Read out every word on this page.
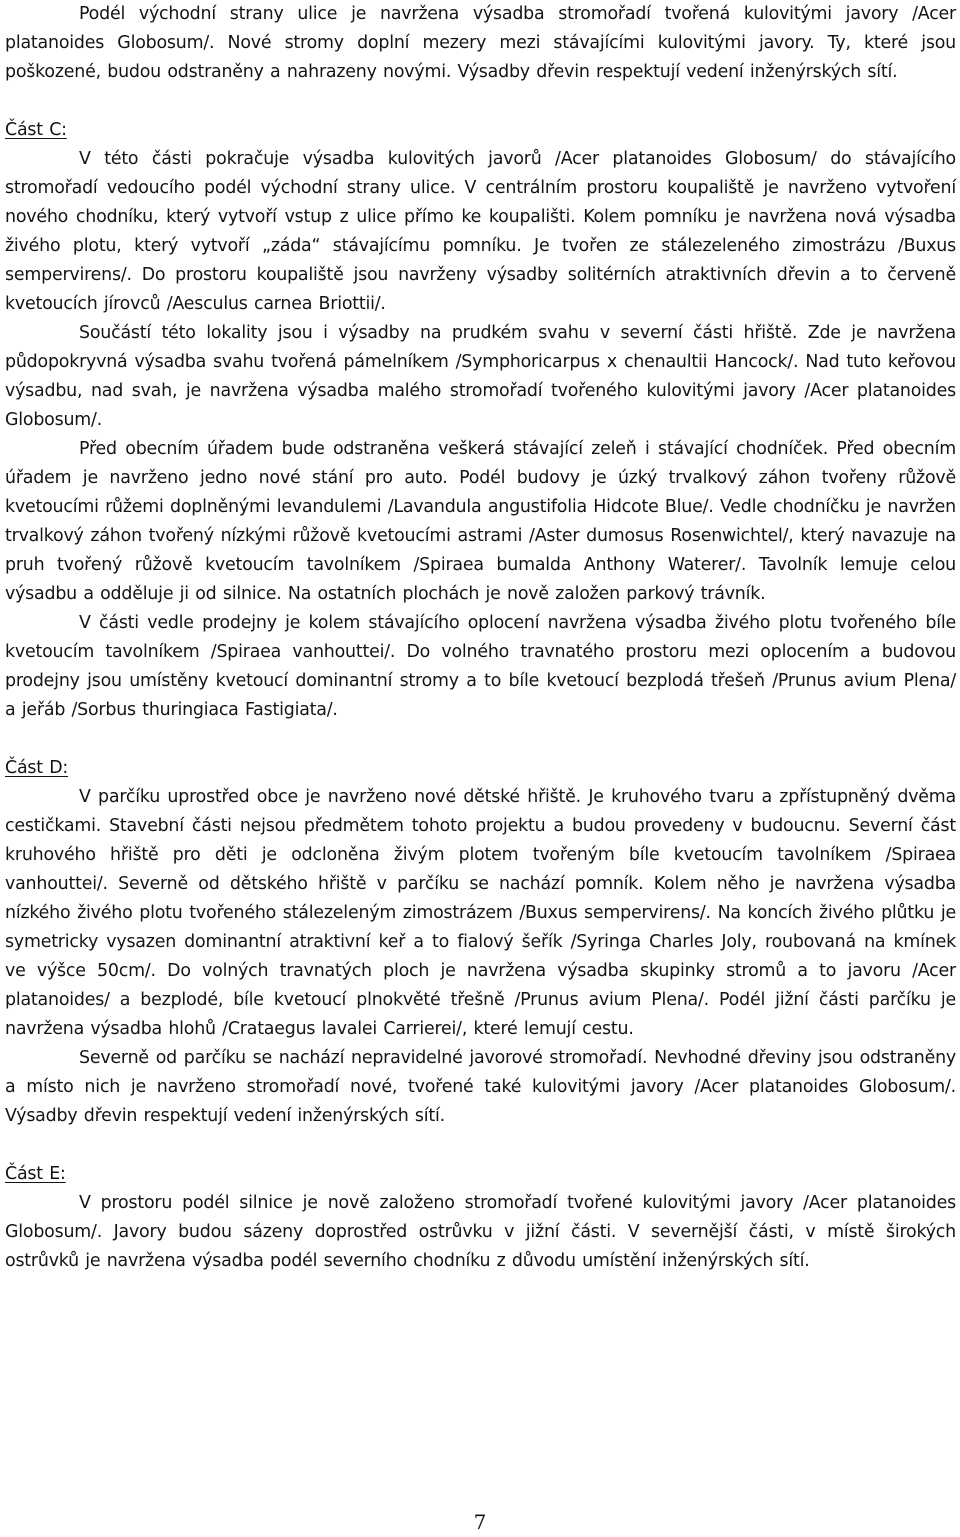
Podél východní strany ulice je navržena výsadba stromořadí tvořená kulovitými javory /Acer platanoides Globosum/. Nové stromy doplní mezery mezi stávajícími kulovitými javory. Ty, které jsou poškozené, budou odstraněny a nahrazeny novými. Výsadby dřevin respektují vedení inženýrských sítí.

Část C:

V této části pokračuje výsadba kulovitých javorů /Acer platanoides Globosum/ do stávajícího stromořadí vedoucího podél východní strany ulice. V centrálním prostoru koupaliště je navrženo vytvoření nového chodníku, který vytvoří vstup z ulice přímo ke koupališti. Kolem pomníku je navržena nová výsadba živého plotu, který vytvoří „záda“ stávajícímu pomníku. Je tvořen ze stálezeleného zimostrázu /Buxus sempervirens/. Do prostoru koupaliště jsou navrženy výsadby solitérních atraktivních dřevin a to červeně kvetoucích jírovců /Aesculus carnea Briottii/.

Součástí této lokality jsou i výsadby na prudkém svahu v severní části hřiště. Zde je navržena půdopokryvná výsadba svahu tvořená pámelníkem /Symphoricarpus x chenaultii Hancock/. Nad tuto keřovou výsadbu, nad svah, je navržena výsadba malého stromořadí tvořeného kulovitými javory /Acer platanoides Globosum/.

Před obecním úřadem bude odstraněna veškerá stávající zeleň i stávající chodníček. Před obecním úřadem je navrženo jedno nové stání pro auto. Podél budovy je úzký trvalkový záhon tvořeny růžově kvetoucími růžemi doplněnými levandulemi /Lavandula angustifolia Hidcote Blue/. Vedle chodníčku je navržen trvalkový záhon tvořený nízkými růžově kvetoucími astrami /Aster dumosus Rosenwichtel/, který navazuje na pruh tvořený růžově kvetoucím tavolníkem /Spiraea bumalda Anthony Waterer/. Tavolník lemuje celou výsadbu a odděluje ji od silnice. Na ostatních plochách je nově založen parkový trávník.

V části vedle prodejny je kolem stávajícího oplocení navržena výsadba živého plotu tvořeného bíle kvetoucím tavolníkem /Spiraea vanhouttei/. Do volného travnatého prostoru mezi oplocením a budovou prodejny jsou umístěny kvetoucí dominantní stromy a to bíle kvetoucí bezplodá třešeň /Prunus avium Plena/ a jeřáb /Sorbus thuringiaca Fastigiata/.

Část D:

V parčíku uprostřed obce je navrženo nové dětské hřiště. Je kruhového tvaru a zpřístupněný dvěma cestičkami. Stavební části nejsou předmětem tohoto projektu a budou provedeny v budoucnu. Severní část kruhového hřiště pro děti je odcloněna živým plotem tvořeným bíle kvetoucím tavolníkem /Spiraea vanhouttei/. Severně od dětského hřiště v parčíku se nachází pomník. Kolem něho je navržena výsadba nízkého živého plotu tvořeného stálezeleným zimostrázem /Buxus sempervirens/. Na koncích živého plůtku je symetricky vysazen dominantní atraktivní keř a to fialový šeřík /Syringa Charles Joly, roubovaná na kmínek ve výšce 50cm/. Do volných travnatých ploch je navržena výsadba skupinky stromů a to javoru /Acer platanoides/ a bezplodé, bíle kvetoucí plnokvěté třešně /Prunus avium Plena/. Podél jižní části parčíku je navržena výsadba hlohů /Crataegus lavalei Carrierei/, které lemují cestu.

Severně od parčíku se nachází nepravidelné javorové stromořadí. Nevhodné dřeviny jsou odstraněny a místo nich je navrženo stromořadí nové, tvořené také kulovitými javory /Acer platanoides Globosum/. Výsadby dřevin respektují vedení inženýrských sítí.

Část E:

V prostoru podél silnice je nově založeno stromořadí tvořené kulovitými javory /Acer platanoides Globosum/. Javory budou sázeny doprostřed ostrůvku v jižní části. V severnější části, v místě širokých ostrůvků je navržena výsadba podél severního chodníku z důvodu umístění inženýrských sítí.

7
